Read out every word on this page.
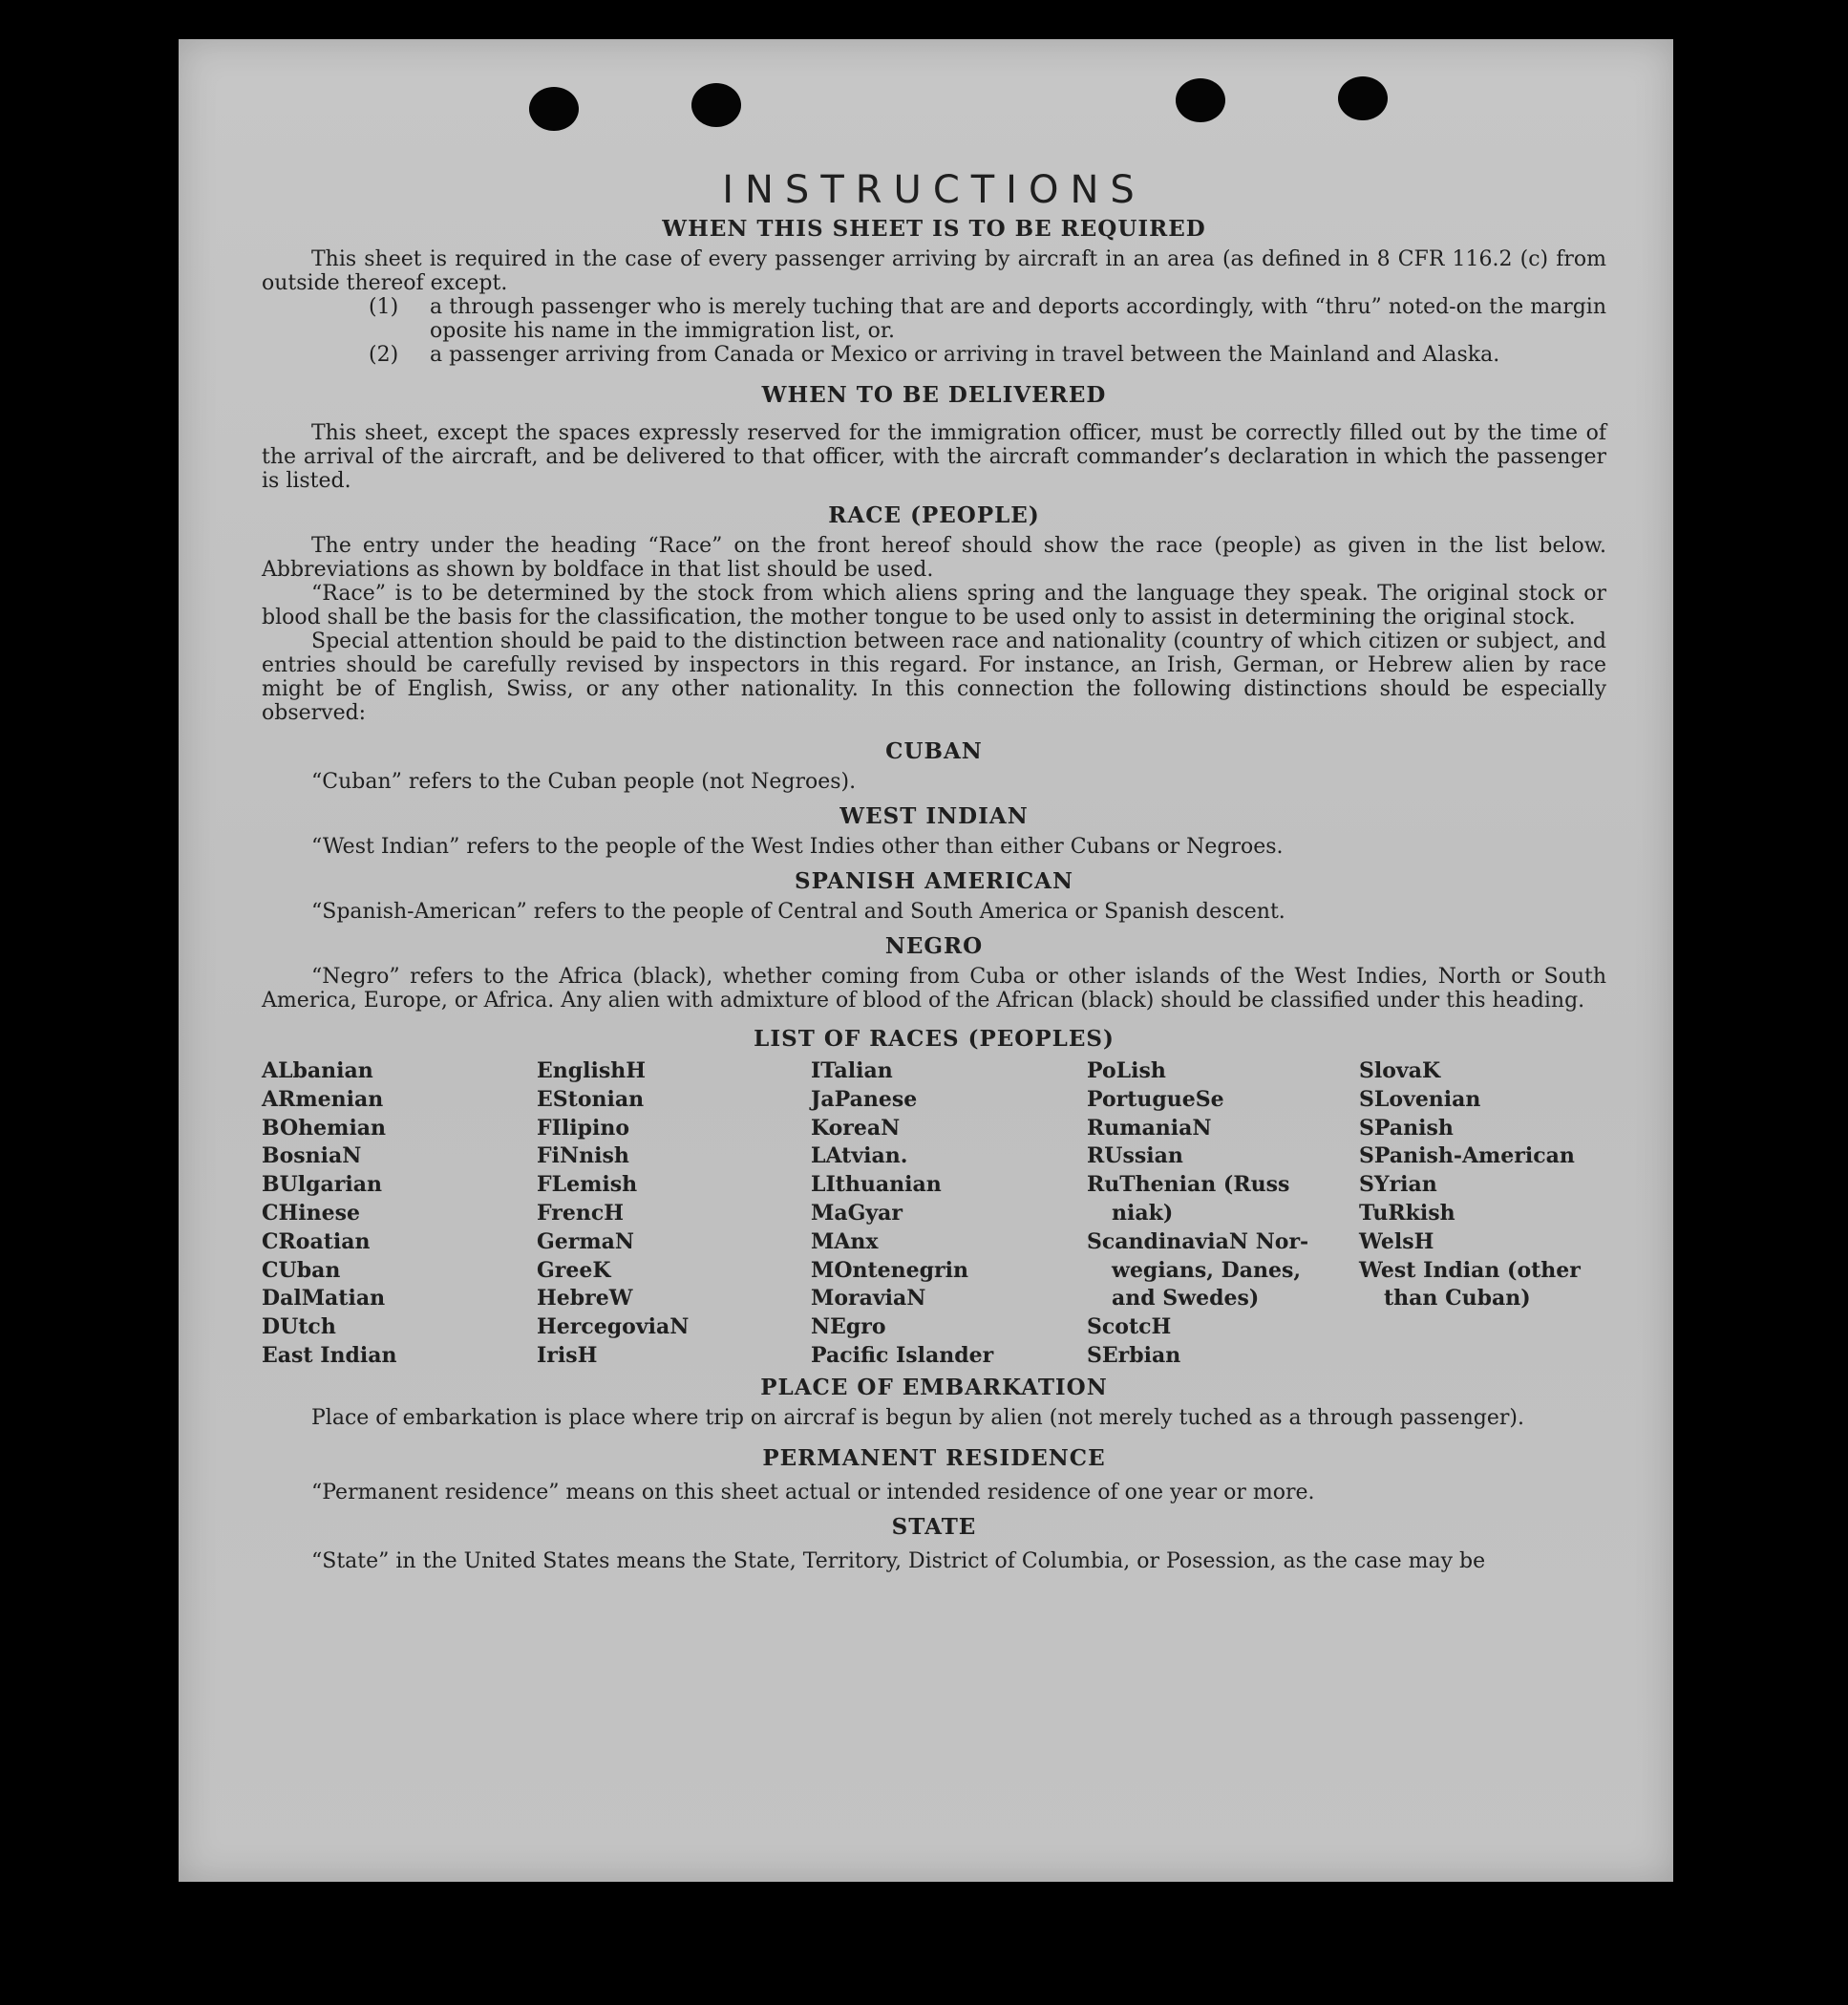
INSTRUCTIONS
WHEN THIS SHEET IS TO BE REQUIRED

This sheet is required in the case of every passenger arriving by aircraft in an area (as defined in 8 CFR 116.2 (c) from outside thereof except.

(1)	a through passenger who is merely tuching that are and deports accordingly, with “thru” noted-on the margin oposite his name in the immigration list, or.
(2)	a passenger arriving from Canada or Mexico or arriving in travel between the Mainland and Alaska.
WHEN TO BE DELIVERED

This sheet, except the spaces expressly reserved for the immigration officer, must be correctly filled out by the time of the arrival of the aircraft, and be delivered to that officer, with the aircraft commander’s declaration in which the passenger is listed.

RACE (PEOPLE)

The entry under the heading “Race” on the front hereof should show the race (people) as given in the list below. Abbreviations as shown by boldface in that list should be used.

“Race” is to be determined by the stock from which aliens spring and the language they speak. The original stock or blood shall be the basis for the classification, the mother tongue to be used only to assist in determining the original stock.

Special attention should be paid to the distinction between race and nationality (country of which citizen or subject, and entries should be carefully revised by inspectors in this regard. For instance, an Irish, German, or Hebrew alien by race might be of English, Swiss, or any other nationality. In this connection the following distinctions should be especially observed:

CUBAN

“Cuban” refers to the Cuban people (not Negroes).

WEST INDIAN

“West Indian” refers to the people of the West Indies other than either Cubans or Negroes.

SPANISH AMERICAN

“Spanish-American” refers to the people of Central and South America or Spanish descent.

NEGRO

“Negro” refers to the Africa (black), whether coming from Cuba or other islands of the West Indies, North or South America, Europe, or Africa. Any alien with admixture of blood of the African (black) should be classified under this heading.

LIST OF RACES (PEOPLES)
ALbanian
ARmenian
BOhemian
BosniaN
BUlgarian
CHinese
CRoatian
CUban
DalMatian
DUtch
East Indian
EnglishH
EStonian
FIlipino
FiNnish
FLemish
FrencH
GermaN
GreeK
HebreW
HercegoviaN
IrisH
ITalian
JaPanese
KoreaN
LAtvian.
LIthuanian
MaGyar
MAnx
MOntenegrin
MoraviaN
NEgro
Pacific Islander
PoLish
PortugueSe
RumaniaN
RUssian
RuThenian (Russ
niak)
ScandinaviaN Nor-
wegians, Danes,
and Swedes)
ScotcH
SErbian
SlovaK
SLovenian
SPanish
SPanish-American
SYrian
TuRkish
WelsH
West Indian (other
than Cuban)
PLACE OF EMBARKATION

Place of embarkation is place where trip on aircraf is begun by alien (not merely tuched as a through passenger).

PERMANENT RESIDENCE

“Permanent residence” means on this sheet actual or intended residence of one year or more.

STATE

“State” in the United States means the State, Territory, District of Columbia, or Posession, as the case may be
